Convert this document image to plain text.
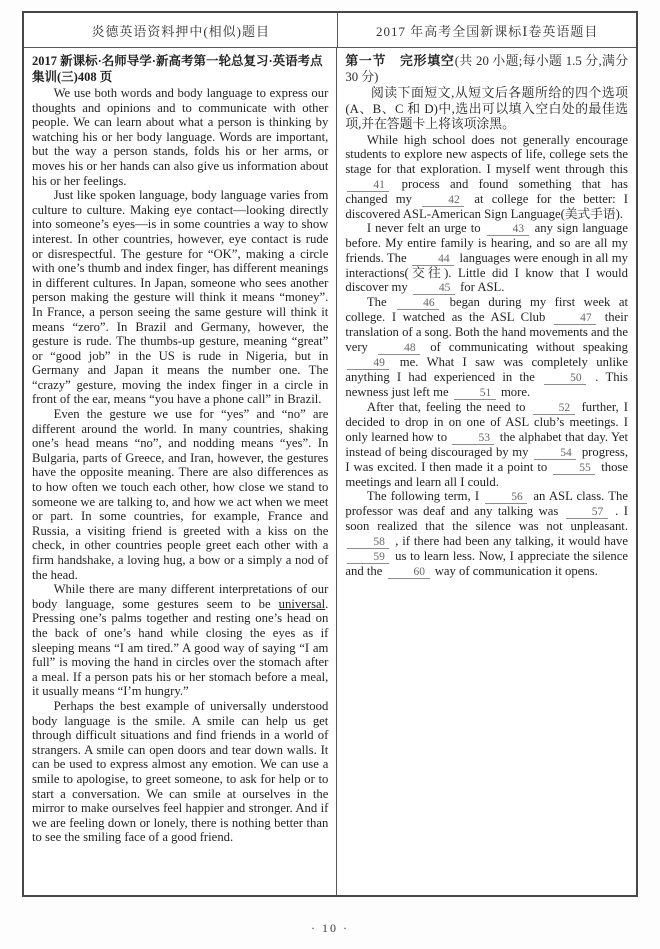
炎德英语资料押中(相似)题目	2017 年高考全国新课标Ⅰ卷英语题目
2017 新课标·名师导学·新高考第一轮总复习·英语考点集训(三)408 页

We use both words and body language to express our thoughts and opinions and to communicate with other people. We can learn about what a person is thinking by watching his or her body language. Words are important, but the way a person stands, folds his or her arms, or moves his or her hands can also give us information about his or her feelings.

Just like spoken language, body language varies from culture to culture. Making eye contact—looking directly into someone’s eyes—is in some countries a way to show interest. In other countries, however, eye contact is rude or disrespectful. The gesture for “OK”, making a circle with one’s thumb and index finger, has different meanings in different cultures. In Japan, someone who sees another person making the gesture will think it means “money”. In France, a person seeing the same gesture will think it means “zero”. In Brazil and Germany, however, the gesture is rude. The thumbs-up gesture, meaning “great” or “good job” in the US is rude in Nigeria, but in Germany and Japan it means the number one. The “crazy” gesture, moving the index finger in a circle in front of the ear, means “you have a phone call” in Brazil.

Even the gesture we use for “yes” and “no” are different around the world. In many countries, shaking one’s head means “no”, and nodding means “yes”. In Bulgaria, parts of Greece, and Iran, however, the gestures have the opposite meaning. There are also differences as to how often we touch each other, how close we stand to someone we are talking to, and how we act when we meet or part. In some countries, for example, France and Russia, a visiting friend is greeted with a kiss on the check, in other countries people greet each other with a firm handshake, a loving hug, a bow or a simply a nod of the head.

While there are many different interpretations of our body language, some gestures seem to be universal. Pressing one’s palms together and resting one’s head on the back of one’s hand while closing the eyes as if sleeping means “I am tired.” A good way of saying “I am full” is moving the hand in circles over the stomach after a meal. If a person pats his or her stomach before a meal, it usually means “I’m hungry.”

Perhaps the best example of universally understood body language is the smile. A smile can help us get through difficult situations and find friends in a world of strangers. A smile can open doors and tear down walls. It can be used to express almost any emotion. We can use a smile to apologise, to greet someone, to ask for help or to start a conversation. We can smile at ourselves in the mirror to make ourselves feel happier and stronger. And if we are feeling down or lonely, there is nothing better than to see the smiling face of a good friend.

第一节　完形填空(共 20 小题;每小题 1.5 分,满分 30 分)

阅读下面短文,从短文后各题所给的四个选项(A、B、C 和 D)中,选出可以填入空白处的最佳选项,并在答题卡上将该项涂黑。

While high school does not generally encourage students to explore new aspects of life, college sets the stage for that exploration. I myself went through this 41 process and found something that has changed my 42 at college for the better: I discovered ASL-American Sign Language(美式手语).

I never felt an urge to 43 any sign language before. My entire family is hearing, and so are all my friends. The 44 languages were enough in all my interactions(交往). Little did I know that I would discover my 45 for ASL.

The 46 began during my first week at college. I watched as the ASL Club 47 their translation of a song. Both the hand movements and the very 48 of communicating without speaking 49 me. What I saw was completely unlike anything I had experienced in the 50 . This newness just left me 51 more.

After that, feeling the need to 52 further, I decided to drop in on one of ASL club’s meetings. I only learned how to 53 the alphabet that day. Yet instead of being discouraged by my 54 progress, I was excited. I then made it a point to 55 those meetings and learn all I could.

The following term, I 56 an ASL class. The professor was deaf and any talking was 57 . I soon realized that the silence was not unpleasant. 58 , if there had been any talking, it would have 59 us to learn less. Now, I appreciate the silence and the 60 way of communication it opens.

· 10 ·
